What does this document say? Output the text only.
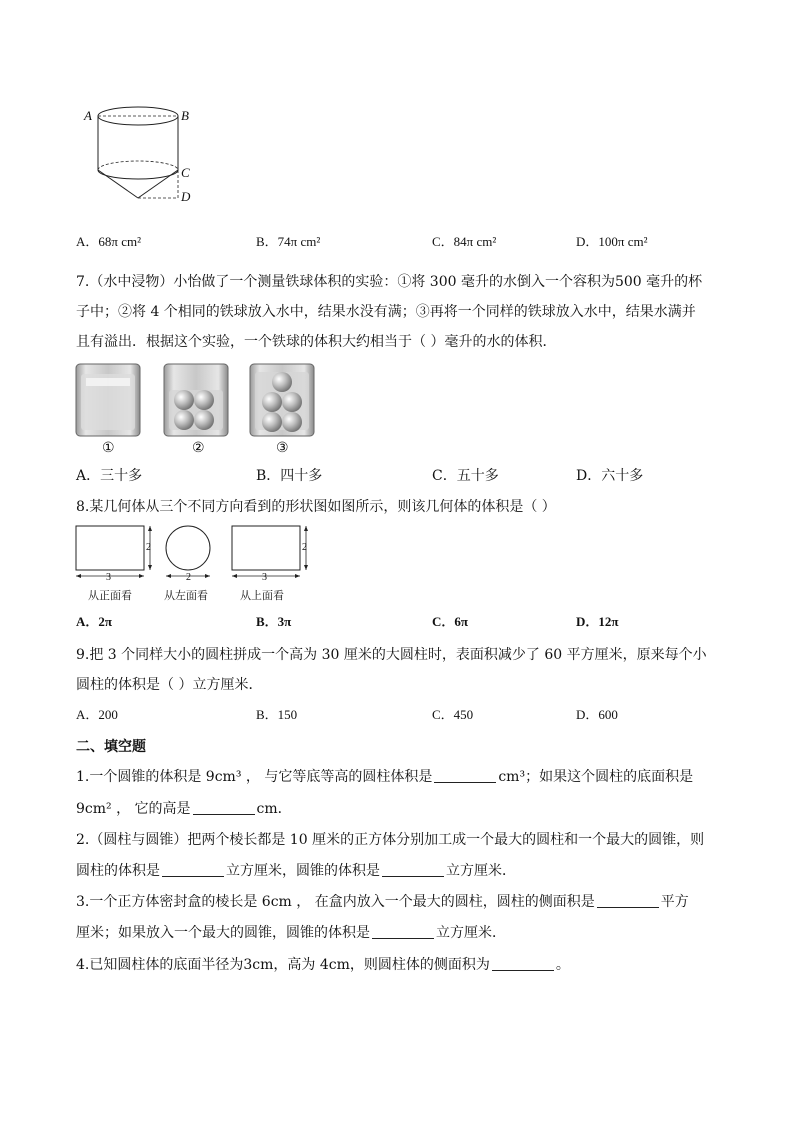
A	B
C
D
A．68π cm²	B．74π cm²	C．84π cm²	D．100π cm²
7.（水中浸物）小怡做了一个测量铁球体积的实验：①将 300 毫升的水倒入一个容积为500 毫升的杯
子中；②将 4 个相同的铁球放入水中，结果水没有满；③再将一个同样的铁球放入水中，结果水满并
且有溢出．根据这个实验，一个铁球的体积大约相当于（ ）毫升的水的体积．
①	②	③
A．三十多	B．四十多	C．五十多	D．六十多
8.某几何体从三个不同方向看到的形状图如图所示，则该几何体的体积是（ ）
2
3	2
2
3
从正面看	从左面看	从上面看
A．2π	B．3π	C．6π	D．12π
9.把 3 个同样大小的圆柱拼成一个高为 30 厘米的大圆柱时，表面积减少了 60 平方厘米，原来每个小
圆柱的体积是（ ）立方厘米．
A．200	B．150	C．450	D．600
二、填空题
1.一个圆锥的体积是 9cm³ ， 与它等底等高的圆柱体积是	cm³；如果这个圆柱的底面积是
9cm² ， 它的高是	cm．
2.（圆柱与圆锥）把两个棱长都是 10 厘米的正方体分别加工成一个最大的圆柱和一个最大的圆锥，则
圆柱的体积是	立方厘米，圆锥的体积是	立方厘米．
3.一个正方体密封盒的棱长是 6cm ， 在盒内放入一个最大的圆柱，圆柱的侧面积是	平方
厘米；如果放入一个最大的圆锥，圆锥的体积是	立方厘米．
4.已知圆柱体的底面半径为3cm，高为 4cm，则圆柱体的侧面积为	。
